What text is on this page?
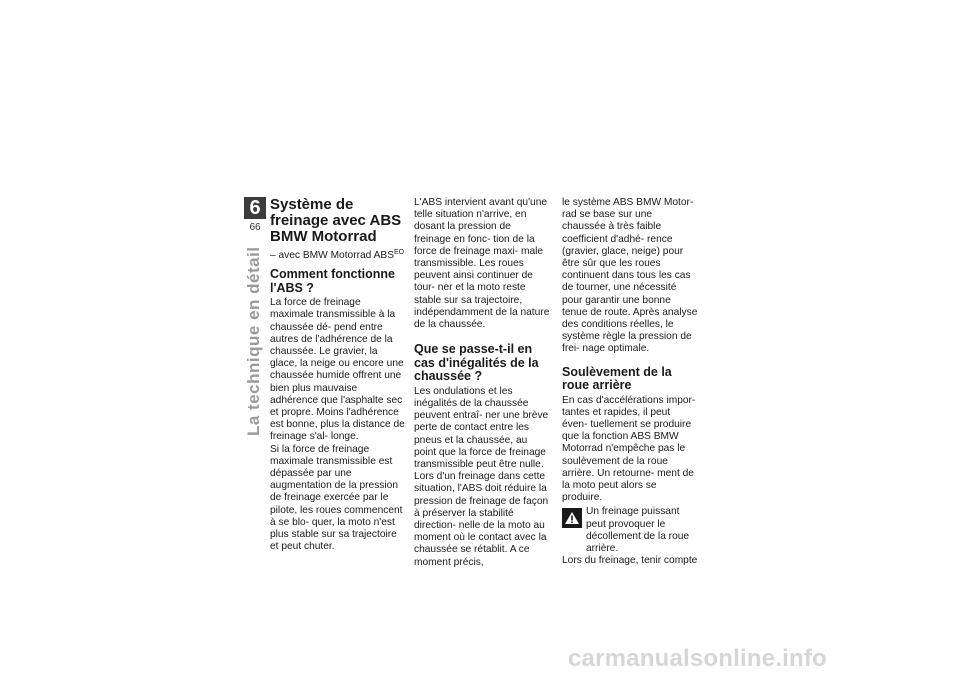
6
66
La technique en détail
Système de freinage avec ABS BMW Motorrad

– avec BMW Motorrad $ABS^{EO}$

Comment fonctionne l'ABS ?

La force de freinage maximale transmissible à la chaussée dé- pend entre autres de l'adhérence de la chaussée. Le gravier, la glace, la neige ou encore une chaussée humide offrent une bien plus mauvaise adhérence que l'asphalte sec et propre. Moins l'adhérence est bonne, plus la distance de freinage s'al- longe.

Si la force de freinage maximale transmissible est dépassée par une augmentation de la pression de freinage exercée par le pilote, les roues commencent à se blo- quer, la moto n'est plus stable sur sa trajectoire et peut chuter.

L'ABS intervient avant qu'une telle situation n'arrive, en dosant la pression de freinage en fonc- tion de la force de freinage maxi- male transmissible. Les roues peuvent ainsi continuer de tour- ner et la moto reste stable sur sa trajectoire, indépendamment de la nature de la chaussée.

Que se passe-t-il en cas d'inégalités de la chaussée ?

Les ondulations et les inégalités de la chaussée peuvent entraî- ner une brève perte de contact entre les pneus et la chaussée, au point que la force de freinage transmissible peut être nulle. Lors d'un freinage dans cette situation, l'ABS doit réduire la pression de freinage de façon à préserver la stabilité direction- nelle de la moto au moment où le contact avec la chaussée se rétablit. A ce moment précis,

le système ABS BMW Motor- rad se base sur une chaussée à très faible coefficient d'adhé- rence (gravier, glace, neige) pour être sûr que les roues continuent dans tous les cas de tourner, une nécessité pour garantir une bonne tenue de route. Après analyse des conditions réelles, le système règle la pression de frei- nage optimale.

Soulèvement de la roue arrière

En cas d'accélérations impor- tantes et rapides, il peut éven- tuellement se produire que la fonction ABS BMW Motorrad n'empêche pas le soulèvement de la roue arrière. Un retourne- ment de la moto peut alors se produire.

Un freinage puissant peut provoquer le décollement de la roue arrière.

Lors du freinage, tenir compte

carmanualsonline.info
